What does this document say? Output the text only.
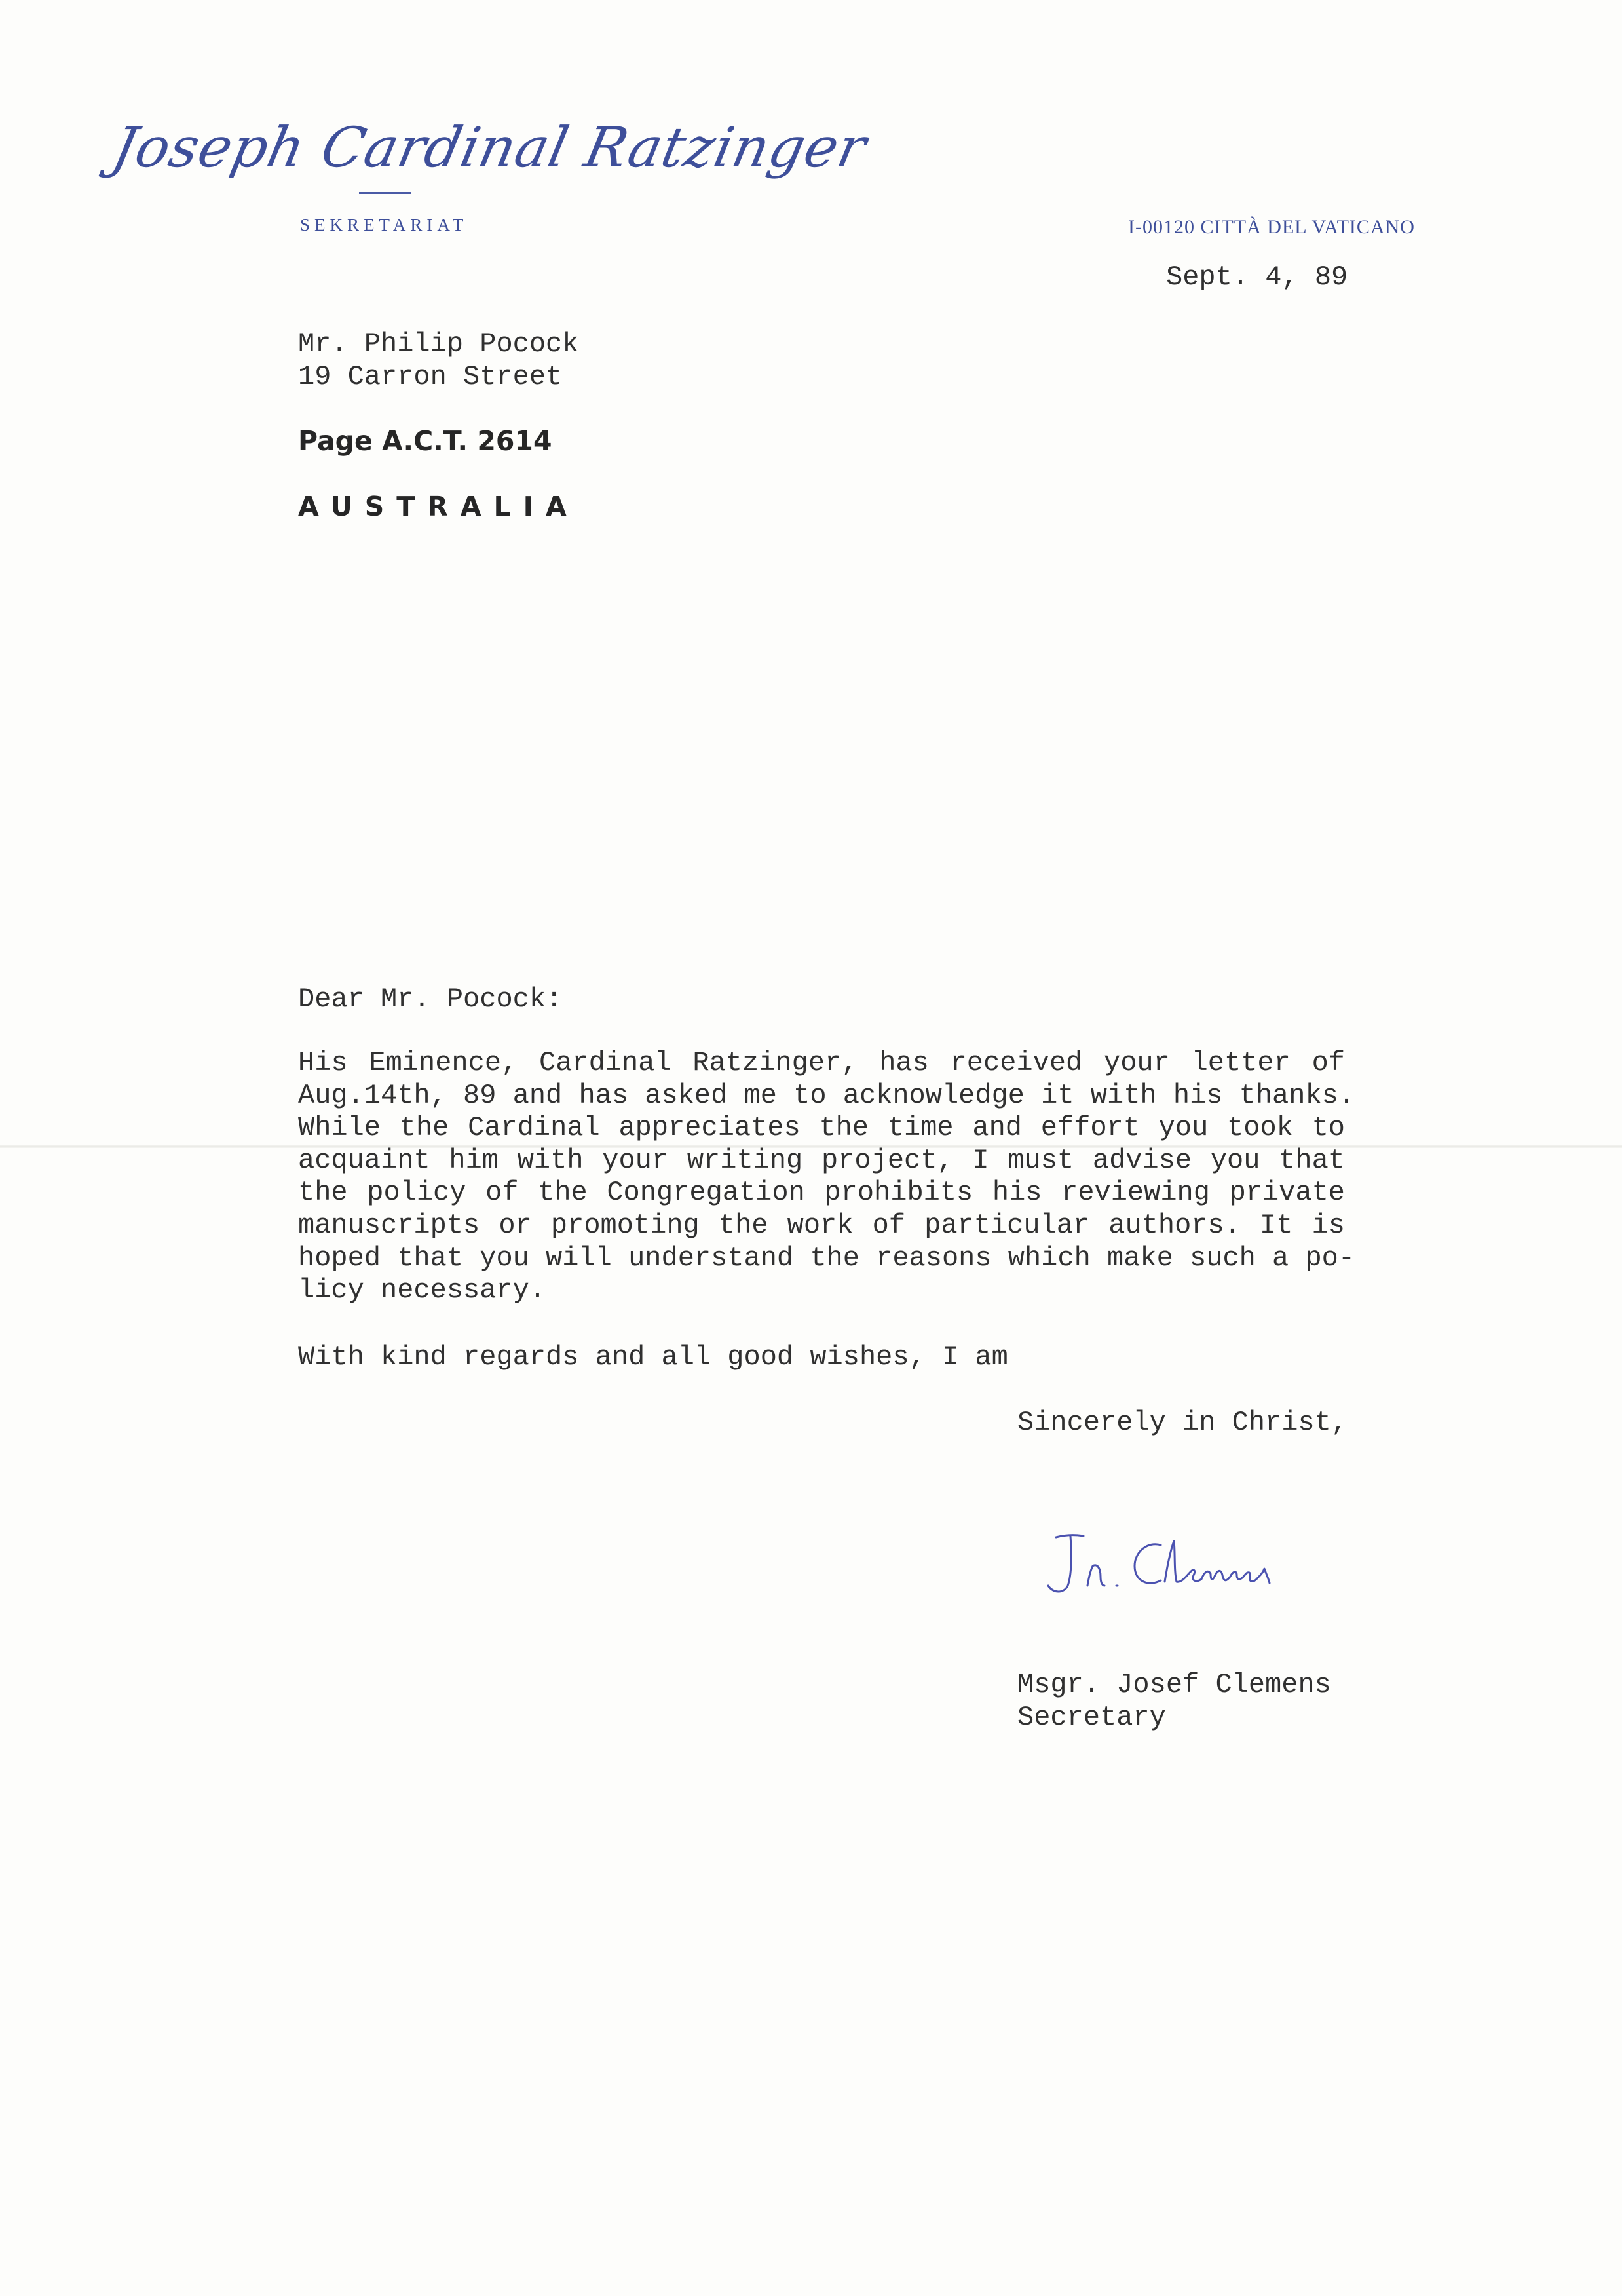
Joseph Cardinal Ratzinger
SEKRETARIAT	I-00120 CITTÀ DEL VATICANO
Sept. 4, 89
Mr. Philip Pocock
19 Carron Street
Page A.C.T. 2614
AUSTRALIA
Dear Mr. Pocock:
His Eminence, Cardinal Ratzinger, has received your letter of
Aug.14th, 89 and has asked me to acknowledge it with his thanks.
While the Cardinal appreciates the time and effort you took to
acquaint him with your writing project, I must advise you that
the policy of the Congregation prohibits his reviewing private
manuscripts or promoting the work of particular authors. It is
hoped that you will understand the reasons which make such a po-
licy necessary.
With kind regards and all good wishes, I am
Sincerely in Christ,
Msgr. Josef Clemens
Secretary
